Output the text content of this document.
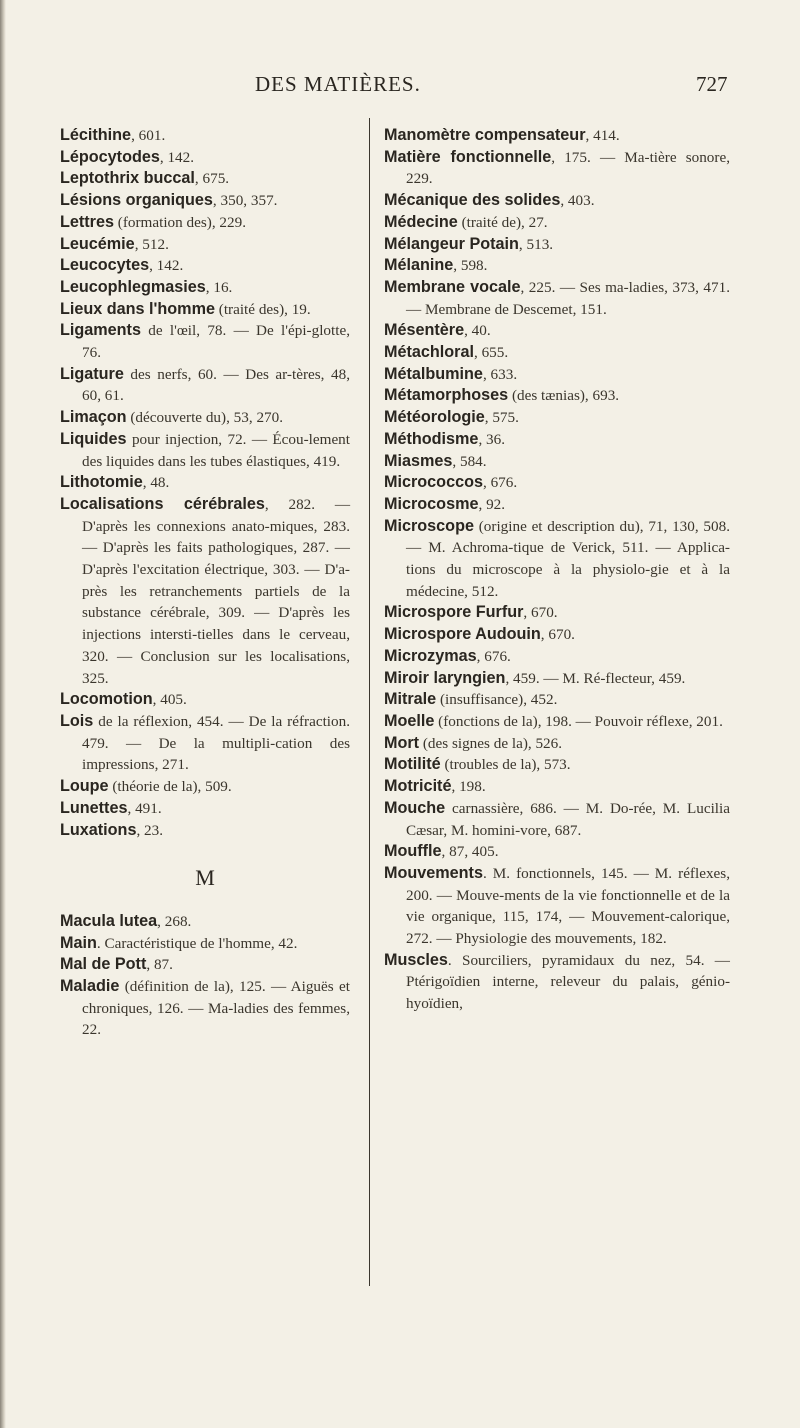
DES MATIÈRES.	727
Lécithine, 601.
Lépocytodes, 142.
Leptothrix buccal, 675.
Lésions organiques, 350, 357.
Lettres (formation des), 229.
Leucémie, 512.
Leucocytes, 142.
Leucophlegmasies, 16.
Lieux dans l'homme (traité des), 19.
Ligaments de l'œil, 78. — De l'épi-glotte, 76.
Ligature des nerfs, 60. — Des ar-tères, 48, 60, 61.
Limaçon (découverte du), 53, 270.
Liquides pour injection, 72. — Écou-lement des liquides dans les tubes élastiques, 419.
Lithotomie, 48.
Localisations cérébrales, 282. — D'après les connexions anato-miques, 283. — D'après les faits pathologiques, 287. — D'après l'excitation électrique, 303. — D'a-près les retranchements partiels de la substance cérébrale, 309. — D'après les injections intersti-tielles dans le cerveau, 320. — Conclusion sur les localisations, 325.
Locomotion, 405.
Lois de la réflexion, 454. — De la réfraction. 479. — De la multipli-cation des impressions, 271.
Loupe (théorie de la), 509.
Lunettes, 491.
Luxations, 23.
M
Macula lutea, 268.
Main. Caractéristique de l'homme, 42.
Mal de Pott, 87.
Maladie (définition de la), 125. — Aiguës et chroniques, 126. — Ma-ladies des femmes, 22.
Manomètre compensateur, 414.
Matière fonctionnelle, 175. — Ma-tière sonore, 229.
Mécanique des solides, 403.
Médecine (traité de), 27.
Mélangeur Potain, 513.
Mélanine, 598.
Membrane vocale, 225. — Ses ma-ladies, 373, 471. — Membrane de Descemet, 151.
Mésentère, 40.
Métachloral, 655.
Métalbumine, 633.
Métamorphoses (des tænias), 693.
Météorologie, 575.
Méthodisme, 36.
Miasmes, 584.
Micrococcos, 676.
Microcosme, 92.
Microscope (origine et description du), 71, 130, 508. — M. Achroma-tique de Verick, 511. — Applica-tions du microscope à la physiolo-gie et à la médecine, 512.
Microspore Furfur, 670.
Microspore Audouin, 670.
Microzymas, 676.
Miroir laryngien, 459. — M. Ré-flecteur, 459.
Mitrale (insuffisance), 452.
Moelle (fonctions de la), 198. — Pouvoir réflexe, 201.
Mort (des signes de la), 526.
Motilité (troubles de la), 573.
Motricité, 198.
Mouche carnassière, 686. — M. Do-rée, M. Lucilia Cæsar, M. homini-vore, 687.
Mouffle, 87, 405.
Mouvements. M. fonctionnels, 145. — M. réflexes, 200. — Mouve-ments de la vie fonctionnelle et de la vie organique, 115, 174, — Mouvement-calorique, 272. — Physiologie des mouvements, 182.
Muscles. Sourciliers, pyramidaux du nez, 54. — Ptérigoïdien interne, releveur du palais, génio-hyoïdien,
